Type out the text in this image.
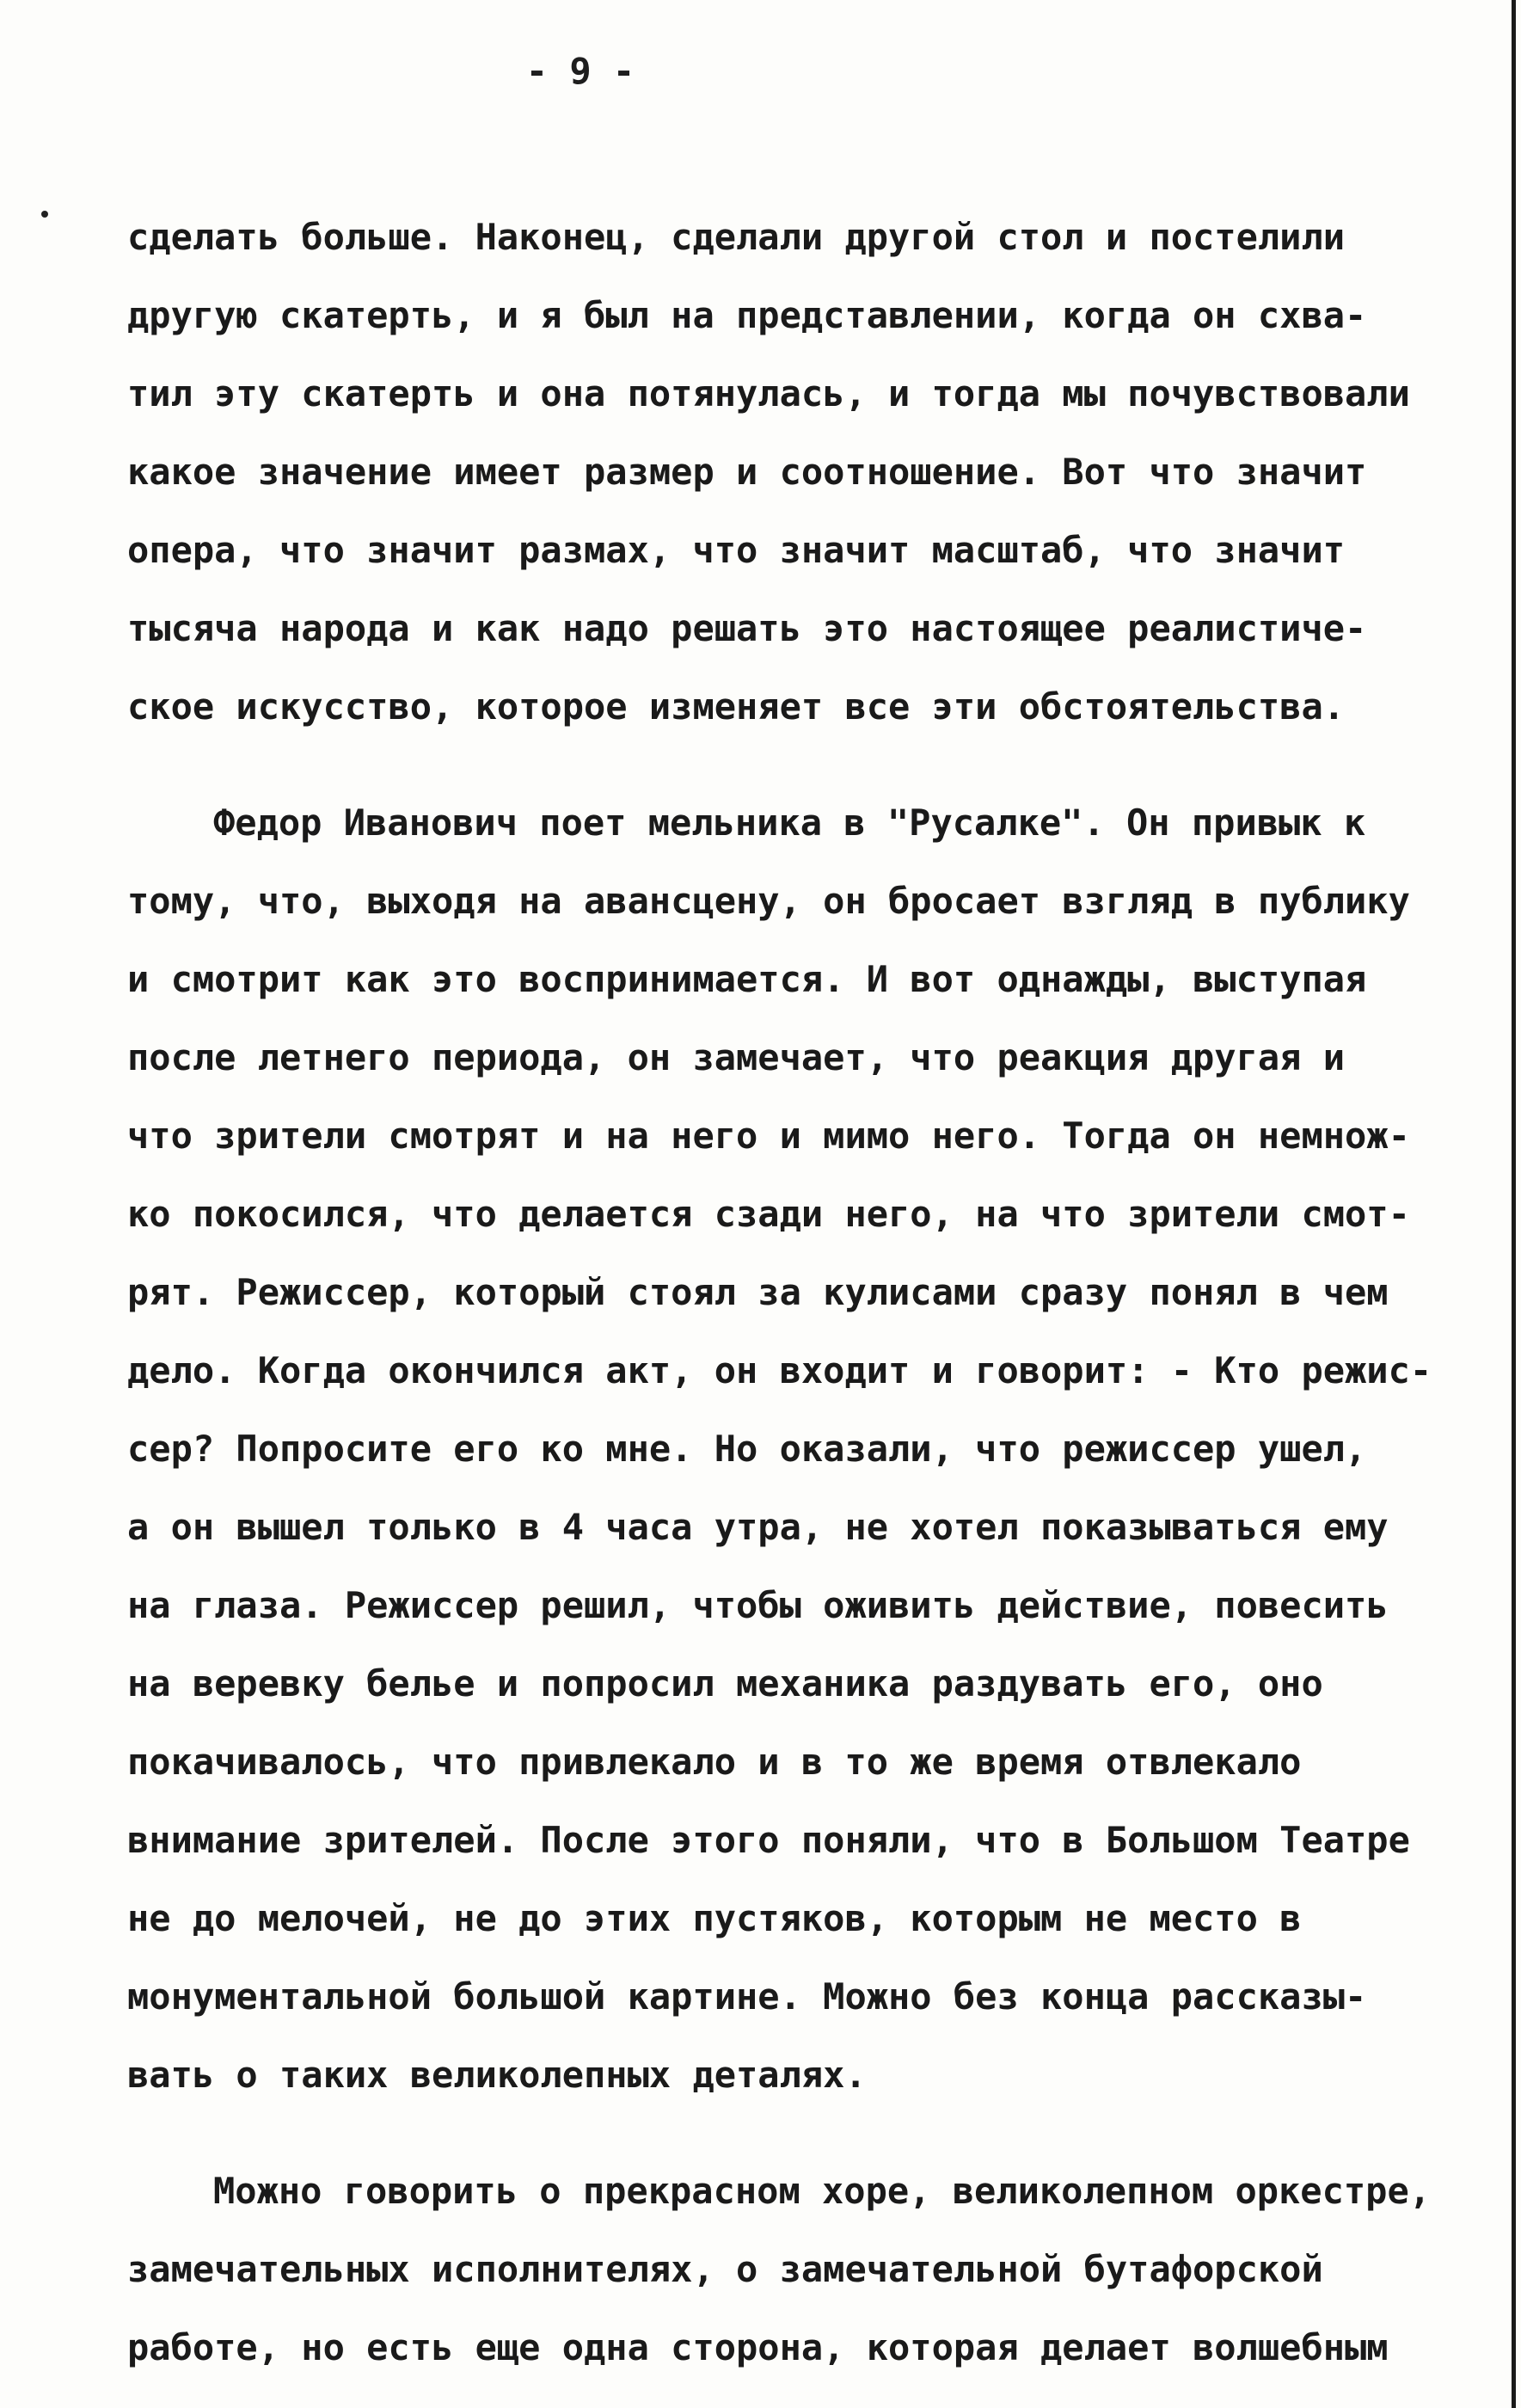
- 9 -
сделать больше. Наконец, сделали другой стол и постелили
другую скатерть, и я был на представлении, когда он схва-
тил эту скатерть и она потянулась, и тогда мы почувствовали
какое значение имеет размер и соотношение. Вот что значит
опера, что значит размах, что значит масштаб, что значит
тысяча народа и как надо решать это настоящее реалистиче-
ское искусство, которое изменяет все эти обстоятельства.
Федор Иванович поет мельника в "Русалке". Он привык к
тому, что, выходя на авансцену, он бросает взгляд в публику
и смотрит как это воспринимается. И вот однажды, выступая
после летнего периода, он замечает, что реакция другая и
что зрители смотрят и на него и мимо него. Тогда он немнож-
ко покосился, что делается сзади него, на что зрители смот-
рят. Режиссер, который стоял за кулисами сразу понял в чем
дело. Когда окончился акт, он входит и говорит: - Кто режис-
сер? Попросите его ко мне. Но оказали, что режиссер ушел,
а он вышел только в 4 часа утра, не хотел показываться ему
на глаза. Режиссер решил, чтобы оживить действие, повесить
на веревку белье и попросил механика раздувать его, оно
покачивалось, что привлекало и в то же время отвлекало
внимание зрителей. После этого поняли, что в Большом Театре
не до мелочей, не до этих пустяков, которым не место в
монументальной большой картине. Можно без конца рассказы-
вать о таких великолепных деталях.
Можно говорить о прекрасном хоре, великолепном оркестре,
замечательных исполнителях, о замечательной бутафорской
работе, но есть еще одна сторона, которая делает волшебным
